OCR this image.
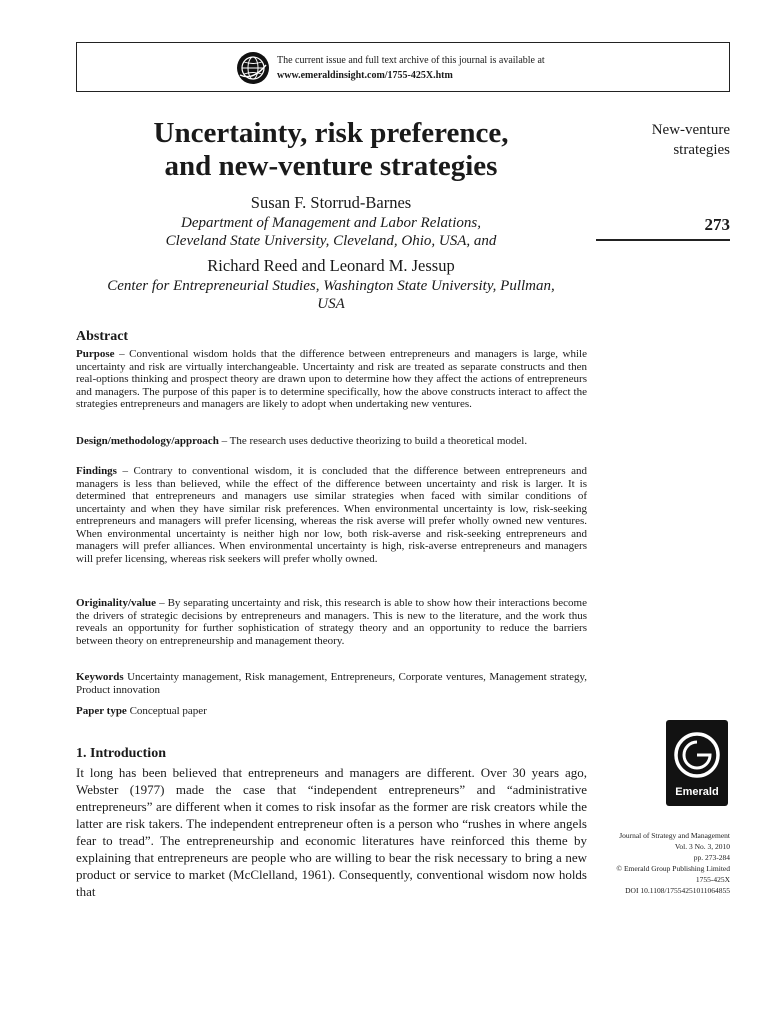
The current issue and full text archive of this journal is available at
www.emeraldinsight.com/1755-425X.htm
Uncertainty, risk preference,
and new-venture strategies
Susan F. Storrud-Barnes
Department of Management and Labor Relations,
Cleveland State University, Cleveland, Ohio, USA, and
Richard Reed and Leonard M. Jessup
Center for Entrepreneurial Studies, Washington State University, Pullman,
USA
New-venture
strategies
273
Abstract

Purpose – Conventional wisdom holds that the difference between entrepreneurs and managers is large, while uncertainty and risk are virtually interchangeable. Uncertainty and risk are treated as separate constructs and then real-options thinking and prospect theory are drawn upon to determine how they affect the actions of entrepreneurs and managers. The purpose of this paper is to determine specifically, how the above constructs interact to affect the strategies entrepreneurs and managers are likely to adopt when undertaking new ventures.

Design/methodology/approach – The research uses deductive theorizing to build a theoretical model.

Findings – Contrary to conventional wisdom, it is concluded that the difference between entrepreneurs and managers is less than believed, while the effect of the difference between uncertainty and risk is larger. It is determined that entrepreneurs and managers use similar strategies when faced with similar conditions of uncertainty and when they have similar risk preferences. When environmental uncertainty is low, risk-seeking entrepreneurs and managers will prefer licensing, whereas the risk averse will prefer wholly owned new ventures. When environmental uncertainty is neither high nor low, both risk-averse and risk-seeking entrepreneurs and managers will prefer alliances. When environmental uncertainty is high, risk-averse entrepreneurs and managers will prefer licensing, whereas risk seekers will prefer wholly owned.

Originality/value – By separating uncertainty and risk, this research is able to show how their interactions become the drivers of strategic decisions by entrepreneurs and managers. This is new to the literature, and the work thus reveals an opportunity for further sophistication of strategy theory and an opportunity to reduce the barriers between theory on entrepreneurship and management theory.

Keywords Uncertainty management, Risk management, Entrepreneurs, Corporate ventures, Management strategy, Product innovation

Paper type Conceptual paper

1. Introduction

It long has been believed that entrepreneurs and managers are different. Over 30 years ago, Webster (1977) made the case that “independent entrepreneurs” and “administrative entrepreneurs” are different when it comes to risk insofar as the former are risk creators while the latter are risk takers. The independent entrepreneur often is a person who “rushes in where angels fear to tread”. The entrepreneurship and economic literatures have reinforced this theme by explaining that entrepreneurs are people who are willing to bear the risk necessary to bring a new product or service to market (McClelland, 1961). Consequently, conventional wisdom now holds that

Emerald
Journal of Strategy and Management
Vol. 3 No. 3, 2010
pp. 273-284
© Emerald Group Publishing Limited
1755-425X
DOI 10.1108/17554251011064855
